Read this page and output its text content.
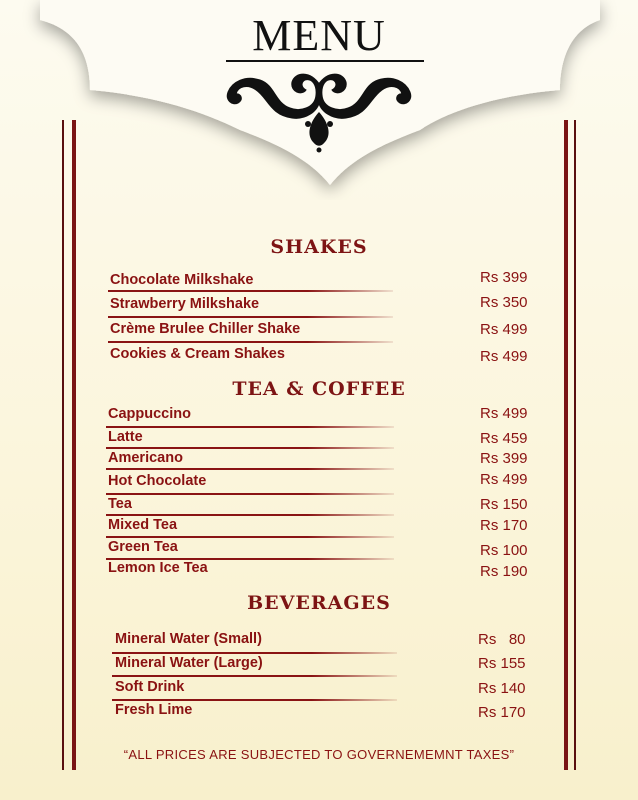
MENU
SHAKES
Chocolate Milkshake	Rs 399
Strawberry Milkshake	Rs 350
Crème Brulee Chiller Shake	Rs 499
Cookies & Cream Shakes	Rs 499
TEA & COFFEE
Cappuccino	Rs 499
Latte	Rs 459
Americano	Rs 399
Hot Chocolate	Rs 499
Tea	Rs 150
Mixed Tea	Rs 170
Green Tea	Rs 100
Lemon Ice Tea	Rs 190
BEVERAGES
Mineral Water (Small)	Rs   80
Mineral Water (Large)	Rs 155
Soft Drink	Rs 140
Fresh Lime	Rs 170
“ALL PRICES ARE SUBJECTED TO GOVERNEMEMNT TAXES”
